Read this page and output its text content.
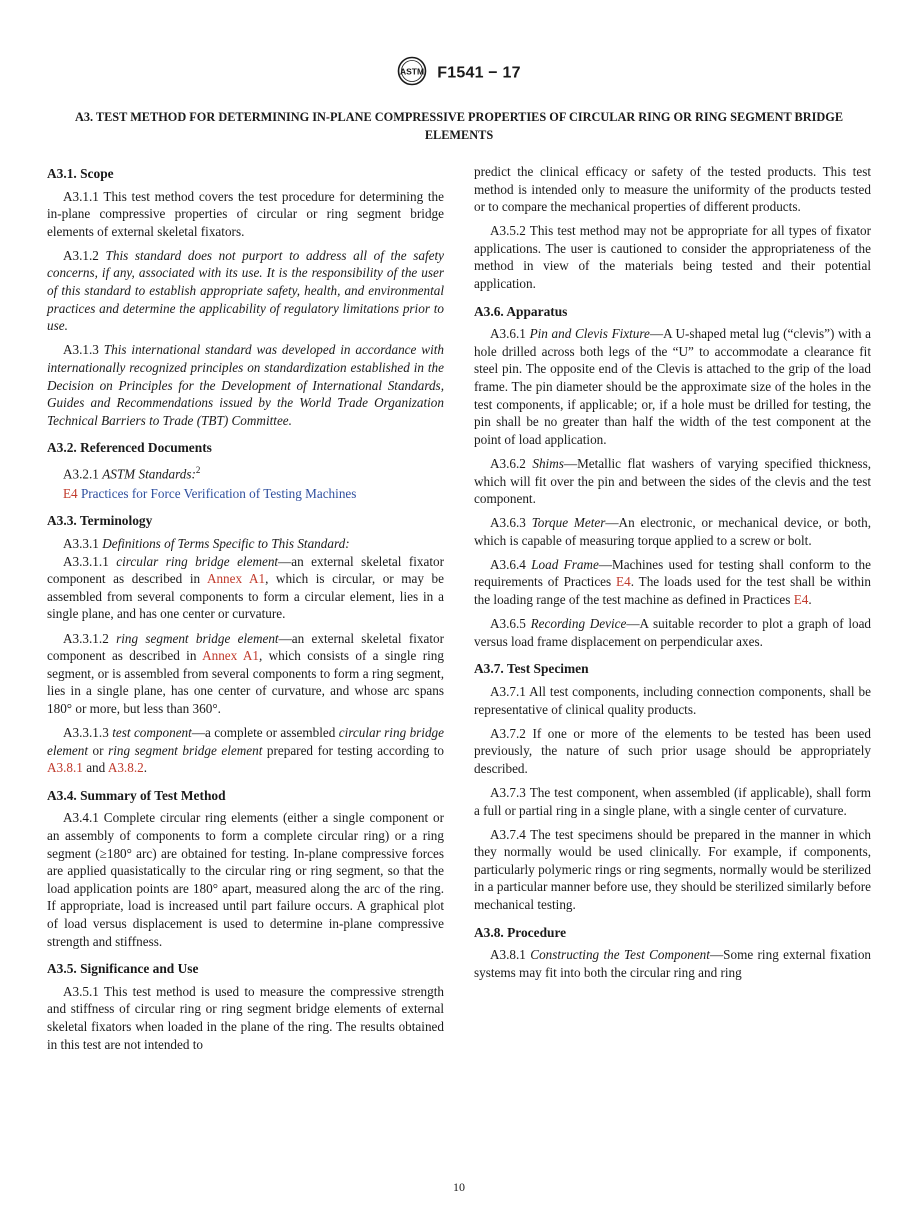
ASTM F1541 − 17
A3. TEST METHOD FOR DETERMINING IN-PLANE COMPRESSIVE PROPERTIES OF CIRCULAR RING OR RING SEGMENT BRIDGE ELEMENTS
A3.1. Scope

A3.1.1 This test method covers the test procedure for determining the in-plane compressive properties of circular or ring segment bridge elements of external skeletal fixators.

A3.1.2 This standard does not purport to address all of the safety concerns, if any, associated with its use. It is the responsibility of the user of this standard to establish appropriate safety, health, and environmental practices and determine the applicability of regulatory limitations prior to use.

A3.1.3 This international standard was developed in accordance with internationally recognized principles on standardization established in the Decision on Principles for the Development of International Standards, Guides and Recommendations issued by the World Trade Organization Technical Barriers to Trade (TBT) Committee.

A3.2. Referenced Documents

A3.2.1 ASTM Standards:$^2$

E4 Practices for Force Verification of Testing Machines

A3.3. Terminology

A3.3.1 Definitions of Terms Specific to This Standard:

A3.3.1.1 circular ring bridge element—an external skeletal fixator component as described in Annex A1, which is circular, or may be assembled from several components to form a circular element, lies in a single plane, and has one center or curvature.

A3.3.1.2 ring segment bridge element—an external skeletal fixator component as described in Annex A1, which consists of a single ring segment, or is assembled from several components to form a ring segment, lies in a single plane, has one center of curvature, and whose arc spans 180° or more, but less than 360°.

A3.3.1.3 test component—a complete or assembled circular ring bridge element or ring segment bridge element prepared for testing according to A3.8.1 and A3.8.2.

A3.4. Summary of Test Method

A3.4.1 Complete circular ring elements (either a single component or an assembly of components to form a complete circular ring) or a ring segment (≥180° arc) are obtained for testing. In-plane compressive forces are applied quasistatically to the circular ring or ring segment, so that the load application points are 180° apart, measured along the arc of the ring. If appropriate, load is increased until part failure occurs. A graphical plot of load versus displacement is used to determine in-plane compressive strength and stiffness.

A3.5. Significance and Use

A3.5.1 This test method is used to measure the compressive strength and stiffness of circular ring or ring segment bridge elements of external skeletal fixators when loaded in the plane of the ring. The results obtained in this test are not intended to

predict the clinical efficacy or safety of the tested products. This test method is intended only to measure the uniformity of the products tested or to compare the mechanical properties of different products.

A3.5.2 This test method may not be appropriate for all types of fixator applications. The user is cautioned to consider the appropriateness of the method in view of the materials being tested and their potential application.

A3.6. Apparatus

A3.6.1 Pin and Clevis Fixture—A U-shaped metal lug (“clevis”) with a hole drilled across both legs of the “U” to accommodate a clearance fit steel pin. The opposite end of the Clevis is attached to the grip of the load frame. The pin diameter should be the approximate size of the holes in the test components, if applicable; or, if a hole must be drilled for testing, the pin shall be no greater than half the width of the test component at the point of load application.

A3.6.2 Shims—Metallic flat washers of varying specified thickness, which will fit over the pin and between the sides of the clevis and the test component.

A3.6.3 Torque Meter—An electronic, or mechanical device, or both, which is capable of measuring torque applied to a screw or bolt.

A3.6.4 Load Frame—Machines used for testing shall conform to the requirements of Practices E4. The loads used for the test shall be within the loading range of the test machine as defined in Practices E4.

A3.6.5 Recording Device—A suitable recorder to plot a graph of load versus load frame displacement on perpendicular axes.

A3.7. Test Specimen

A3.7.1 All test components, including connection components, shall be representative of clinical quality products.

A3.7.2 If one or more of the elements to be tested has been used previously, the nature of such prior usage should be appropriately described.

A3.7.3 The test component, when assembled (if applicable), shall form a full or partial ring in a single plane, with a single center of curvature.

A3.7.4 The test specimens should be prepared in the manner in which they normally would be used clinically. For example, if components, particularly polymeric rings or ring segments, normally would be sterilized in a particular manner before use, they should be sterilized similarly before mechanical testing.

A3.8. Procedure

A3.8.1 Constructing the Test Component—Some ring external fixation systems may fit into both the circular ring and ring

10
